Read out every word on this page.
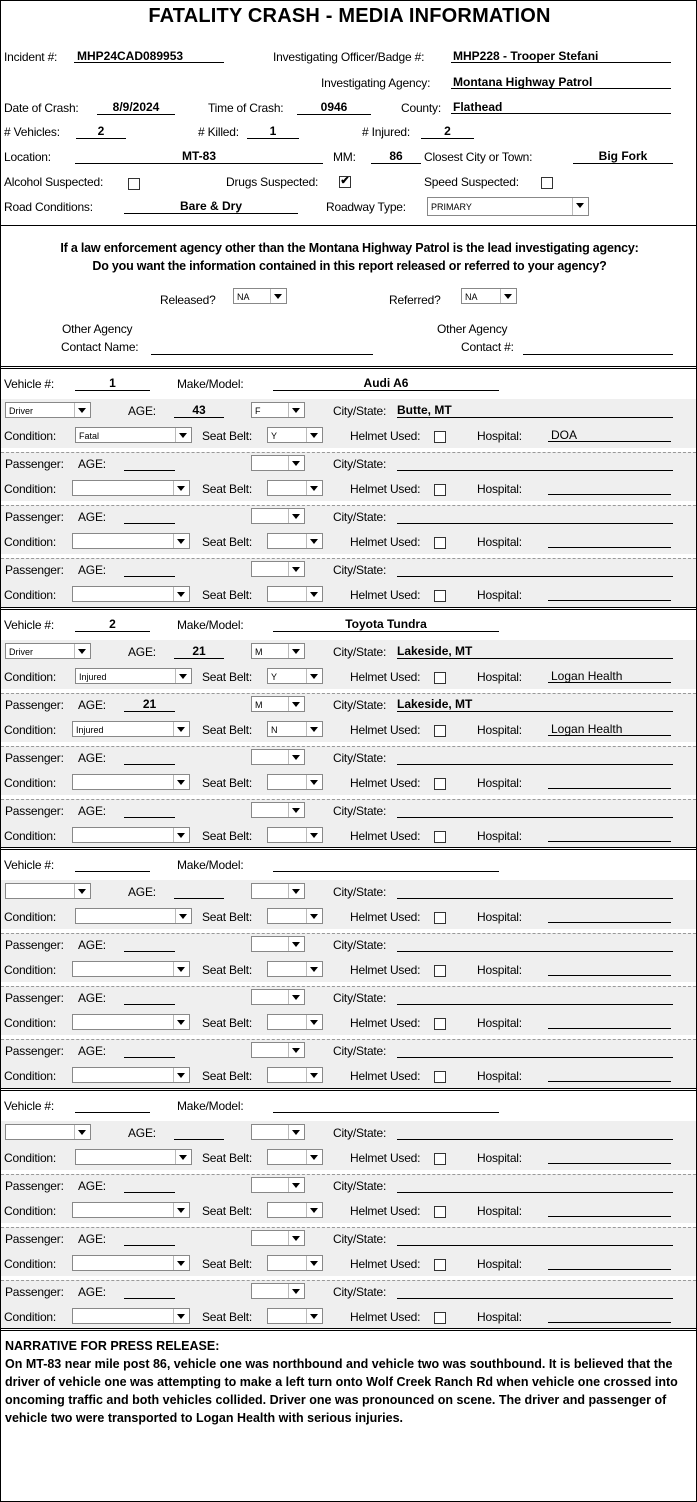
FATALITY CRASH - MEDIA INFORMATION
Incident #: MHP24CAD089953	Investigating Officer/Badge #: MHP228 - Trooper Stefani
Investigating Agency: Montana Highway Patrol
Date of Crash:	8/9/2024	Time of Crash:	0946	County: Flathead
# Vehicles:	2	# Killed:	1	# Injured:	2
Location:	MT-83	MM:	86	Closest City or Town:	Big Fork
Alcohol Suspected:	Drugs Suspected: ✔	Speed Suspected:
Road Conditions:	Bare & Dry	Roadway Type:	PRIMARY
If a law enforcement agency other than the Montana Highway Patrol is the lead investigating agency:
Do you want the information contained in this report released or referred to your agency?
Released?	NA	Referred?	NA
Other Agency
Contact Name:
Other Agency
Contact #:
Vehicle #:	1	Make/Model:	Audi A6
Driver	AGE:	43	F	City/State: Butte, MT
Condition:	Fatal	Seat Belt:	Y	Helmet Used:	Hospital: DOA
Passenger: AGE:	City/State:
Condition:	Seat Belt:	Helmet Used:	Hospital:
Passenger: AGE:	City/State:
Condition:	Seat Belt:	Helmet Used:	Hospital:
Passenger: AGE:	City/State:
Condition:	Seat Belt:	Helmet Used:	Hospital:
Vehicle #:	2	Make/Model:	Toyota Tundra
Driver	AGE:	21	M	City/State: Lakeside, MT
Condition:	Injured	Seat Belt:	Y	Helmet Used:	Hospital: Logan Health
Passenger: AGE:	21	M	City/State: Lakeside, MT
Condition:	Injured	Seat Belt:	N	Helmet Used:	Hospital: Logan Health
Passenger: AGE:	City/State:
Condition:	Seat Belt:	Helmet Used:	Hospital:
Passenger: AGE:	City/State:
Condition:	Seat Belt:	Helmet Used:	Hospital:
Vehicle #:	Make/Model:
AGE:	City/State:
Condition:	Seat Belt:	Helmet Used:	Hospital:
Passenger: AGE:	City/State:
Condition:	Seat Belt:	Helmet Used:	Hospital:
Passenger: AGE:	City/State:
Condition:	Seat Belt:	Helmet Used:	Hospital:
Passenger: AGE:	City/State:
Condition:	Seat Belt:	Helmet Used:	Hospital:
Vehicle #:	Make/Model:
AGE:	City/State:
Condition:	Seat Belt:	Helmet Used:	Hospital:
Passenger: AGE:	City/State:
Condition:	Seat Belt:	Helmet Used:	Hospital:
Passenger: AGE:	City/State:
Condition:	Seat Belt:	Helmet Used:	Hospital:
Passenger: AGE:	City/State:
Condition:	Seat Belt:	Helmet Used:	Hospital:
NARRATIVE FOR PRESS RELEASE:
On MT-83 near mile post 86, vehicle one was northbound and vehicle two was southbound. It is believed that the driver of vehicle one was attempting to make a left turn onto Wolf Creek Ranch Rd when vehicle one crossed into oncoming traffic and both vehicles collided. Driver one was pronounced on scene. The driver and passenger of vehicle two were transported to Logan Health with serious injuries.
